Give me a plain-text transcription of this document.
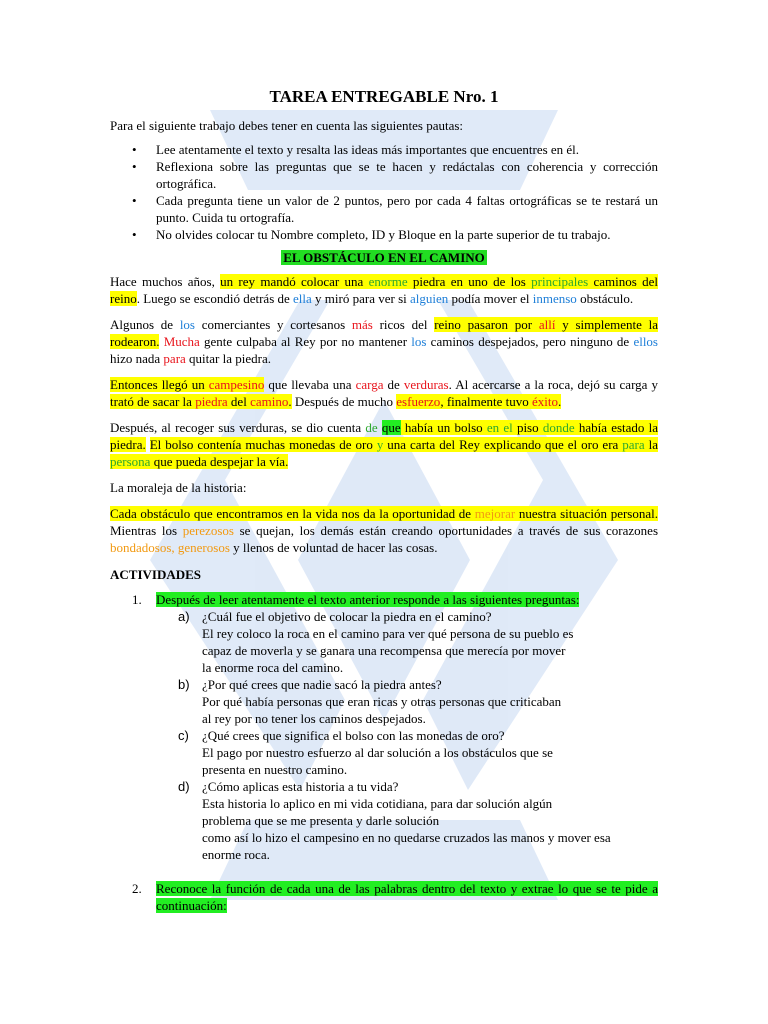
TAREA ENTREGABLE Nro. 1

Para el siguiente trabajo debes tener en cuenta las siguientes pautas:

• Lee atentamente el texto y resalta las ideas más importantes que encuentres en él.
• Reflexiona sobre las preguntas que se te hacen y redáctalas con coherencia y corrección ortográfica.
• Cada pregunta tiene un valor de 2 puntos, pero por cada 4 faltas ortográficas se te restará un punto. Cuida tu ortografía.
• No olvides colocar tu Nombre completo, ID y Bloque en la parte superior de tu trabajo.
EL OBSTÁCULO EN EL CAMINO

Hace muchos años, un rey mandó colocar una enorme piedra en uno de los principales caminos del reino. Luego se escondió detrás de ella y miró para ver si alguien podía mover el inmenso obstáculo.

Algunos de los comerciantes y cortesanos más ricos del reino pasaron por allí y simplemente la rodearon. Mucha gente culpaba al Rey por no mantener los caminos despejados, pero ninguno de ellos hizo nada para quitar la piedra.

Entonces llegó un campesino que llevaba una carga de verduras. Al acercarse a la roca, dejó su carga y trató de sacar la piedra del camino. Después de mucho esfuerzo, finalmente tuvo éxito.

Después, al recoger sus verduras, se dio cuenta de que había un bolso en el piso donde había estado la piedra. El bolso contenía muchas monedas de oro y una carta del Rey explicando que el oro era para la persona que pueda despejar la vía.

La moraleja de la historia:

Cada obstáculo que encontramos en la vida nos da la oportunidad de mejorar nuestra situación personal. Mientras los perezosos se quejan, los demás están creando oportunidades a través de sus corazones bondadosos, generosos y llenos de voluntad de hacer las cosas.

ACTIVIDADES
1. Después de leer atentamente el texto anterior responde a las siguientes preguntas:
a) ¿Cuál fue el objetivo de colocar la piedra en el camino?
El rey coloco la roca en el camino para ver qué persona de su pueblo es
capaz de moverla y se ganara una recompensa que merecía por mover
la enorme roca del camino.
b) ¿Por qué crees que nadie sacó la piedra antes?
Por qué había personas que eran ricas y otras personas que criticaban
al rey por no tener los caminos despejados.
c) ¿Qué crees que significa el bolso con las monedas de oro?
El pago por nuestro esfuerzo al dar solución a los obstáculos que se
presenta en nuestro camino.
d) ¿Cómo aplicas esta historia a tu vida?
Esta historia lo aplico en mi vida cotidiana, para dar solución algún
problema que se me presenta y darle solución
como así lo hizo el campesino en no quedarse cruzados las manos y mover esa
enorme roca.
2. Reconoce la función de cada una de las palabras dentro del texto y extrae lo que se te pide a continuación:
